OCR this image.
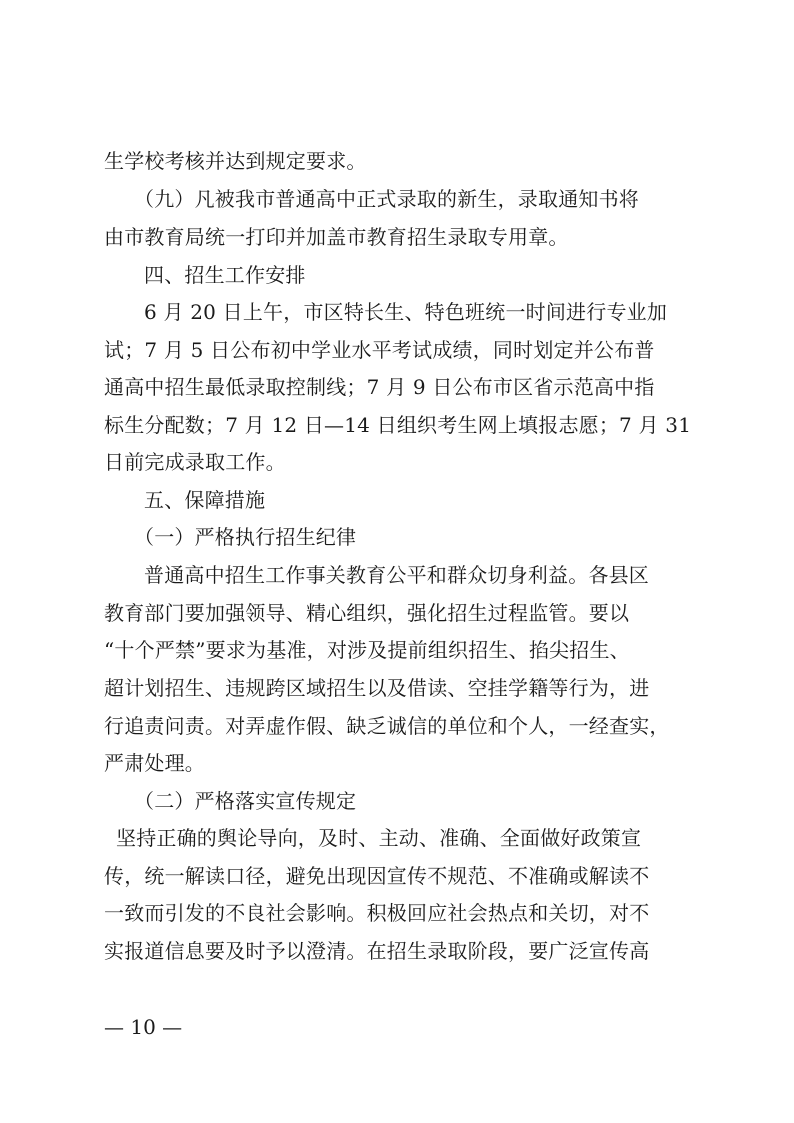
生学校考核并达到规定要求。
（九）凡被我市普通高中正式录取的新生，录取通知书将
由市教育局统一打印并加盖市教育招生录取专用章。
四、招生工作安排
6 月 20 日上午，市区特长生、特色班统一时间进行专业加
试；7 月 5 日公布初中学业水平考试成绩，同时划定并公布普
通高中招生最低录取控制线；7 月 9 日公布市区省示范高中指
标生分配数；7 月 12 日—14 日组织考生网上填报志愿；7 月 31
日前完成录取工作。
五、保障措施
（一）严格执行招生纪律
普通高中招生工作事关教育公平和群众切身利益。各县区
教育部门要加强领导、精心组织，强化招生过程监管。要以
“十个严禁”要求为基准，对涉及提前组织招生、掐尖招生、
超计划招生、违规跨区域招生以及借读、空挂学籍等行为，进
行追责问责。对弄虚作假、缺乏诚信的单位和个人，一经查实，
严肃处理。
（二）严格落实宣传规定
坚持正确的舆论导向，及时、主动、准确、全面做好政策宣
传，统一解读口径，避免出现因宣传不规范、不准确或解读不
一致而引发的不良社会影响。积极回应社会热点和关切，对不
实报道信息要及时予以澄清。在招生录取阶段，要广泛宣传高
— 10 —
